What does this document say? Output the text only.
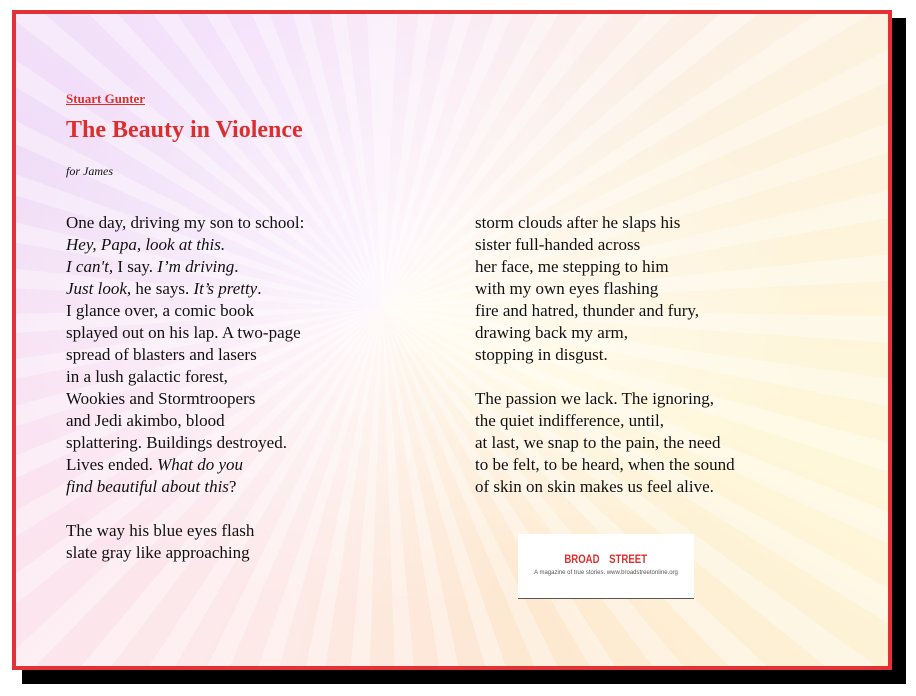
Stuart Gunter
The Beauty in Violence
for James
One day, driving my son to school:
Hey, Papa, look at this.
I can't, I say. I’m driving.
Just look, he says. It’s pretty.
I glance over, a comic book
splayed out on his lap. A two-page
spread of blasters and lasers
in a lush galactic forest,
Wookies and Stormtroopers
and Jedi akimbo, blood
splattering. Buildings destroyed.
Lives ended. What do you
find beautiful about this?
The way his blue eyes flash
slate gray like approaching
storm clouds after he slaps his
sister full-handed across
her face, me stepping to him
with my own eyes flashing
fire and hatred, thunder and fury,
drawing back my arm,
stopping in disgust.
The passion we lack. The ignoring,
the quiet indifference, until,
at last, we snap to the pain, the need
to be felt, to be heard, when the sound
of skin on skin makes us feel alive.
BROAD STREET
A magazine of true stories. www.broadstreetonline.org
